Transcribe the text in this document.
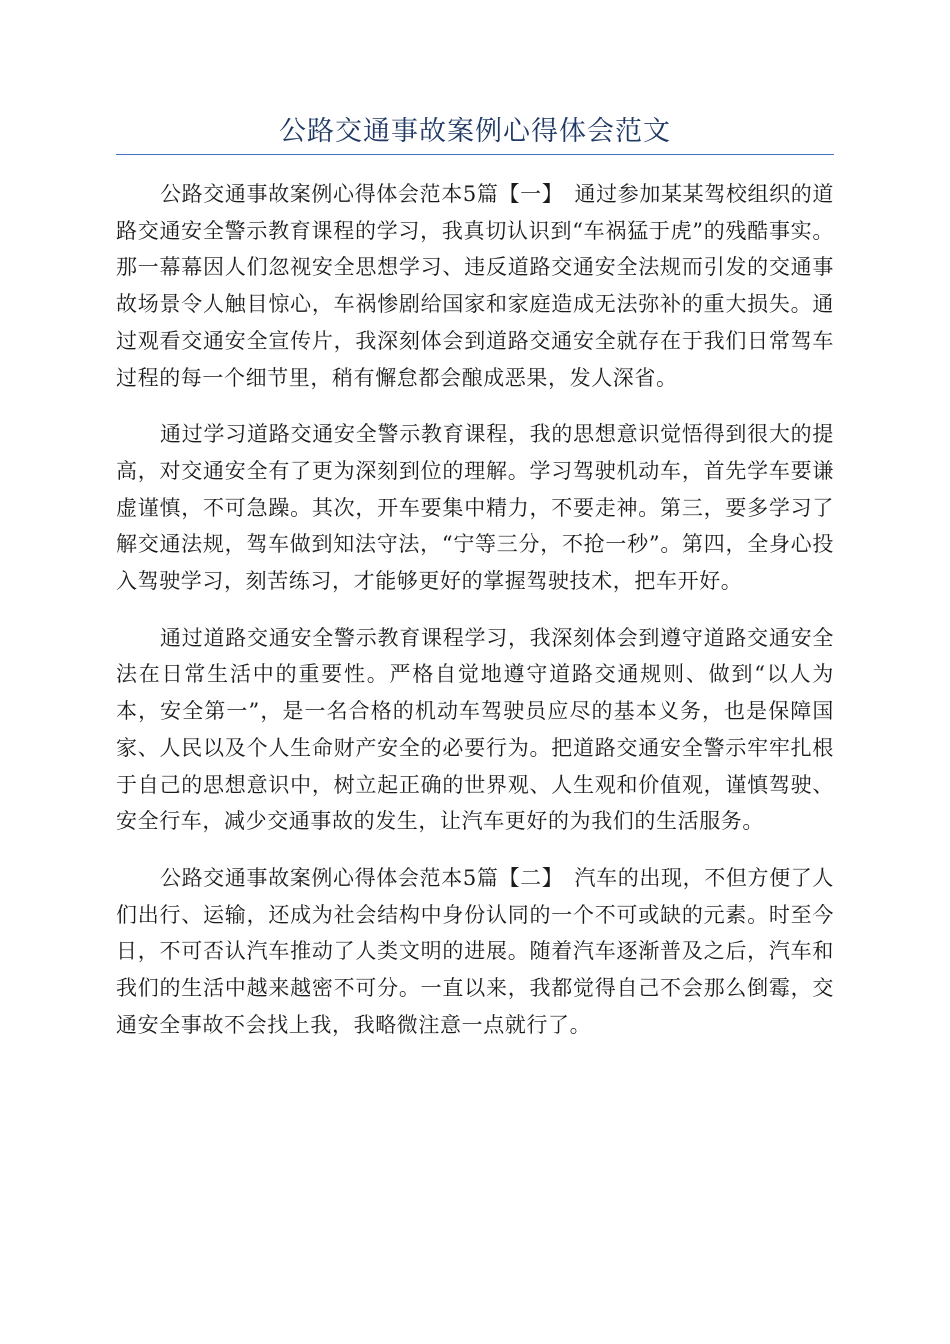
公路交通事故案例心得体会范文

公路交通事故案例心得体会范本5篇【一】　通过参加某某驾校组织的道路交通安全警示教育课程的学习，我真切认识到“车祸猛于虎”的残酷事实。那一幕幕因人们忽视安全思想学习、违反道路交通安全法规而引发的交通事故场景令人触目惊心，车祸惨剧给国家和家庭造成无法弥补的重大损失。通过观看交通安全宣传片，我深刻体会到道路交通安全就存在于我们日常驾车过程的每一个细节里，稍有懈怠都会酿成恶果，发人深省。

通过学习道路交通安全警示教育课程，我的思想意识觉悟得到很大的提高，对交通安全有了更为深刻到位的理解。学习驾驶机动车，首先学车要谦虚谨慎，不可急躁。其次，开车要集中精力，不要走神。第三，要多学习了解交通法规，驾车做到知法守法，“宁等三分，不抢一秒”。第四，全身心投入驾驶学习，刻苦练习，才能够更好的掌握驾驶技术，把车开好。

通过道路交通安全警示教育课程学习，我深刻体会到遵守道路交通安全法在日常生活中的重要性。严格自觉地遵守道路交通规则、做到“以人为本，安全第一”，是一名合格的机动车驾驶员应尽的基本义务，也是保障国家、人民以及个人生命财产安全的必要行为。把道路交通安全警示牢牢扎根于自己的思想意识中，树立起正确的世界观、人生观和价值观，谨慎驾驶、安全行车，减少交通事故的发生，让汽车更好的为我们的生活服务。

公路交通事故案例心得体会范本5篇【二】　汽车的出现，不但方便了人们出行、运输，还成为社会结构中身份认同的一个不可或缺的元素。时至今日，不可否认汽车推动了人类文明的进展。随着汽车逐渐普及之后，汽车和我们的生活中越来越密不可分。一直以来，我都觉得自己不会那么倒霉，交通安全事故不会找上我，我略微注意一点就行了。
